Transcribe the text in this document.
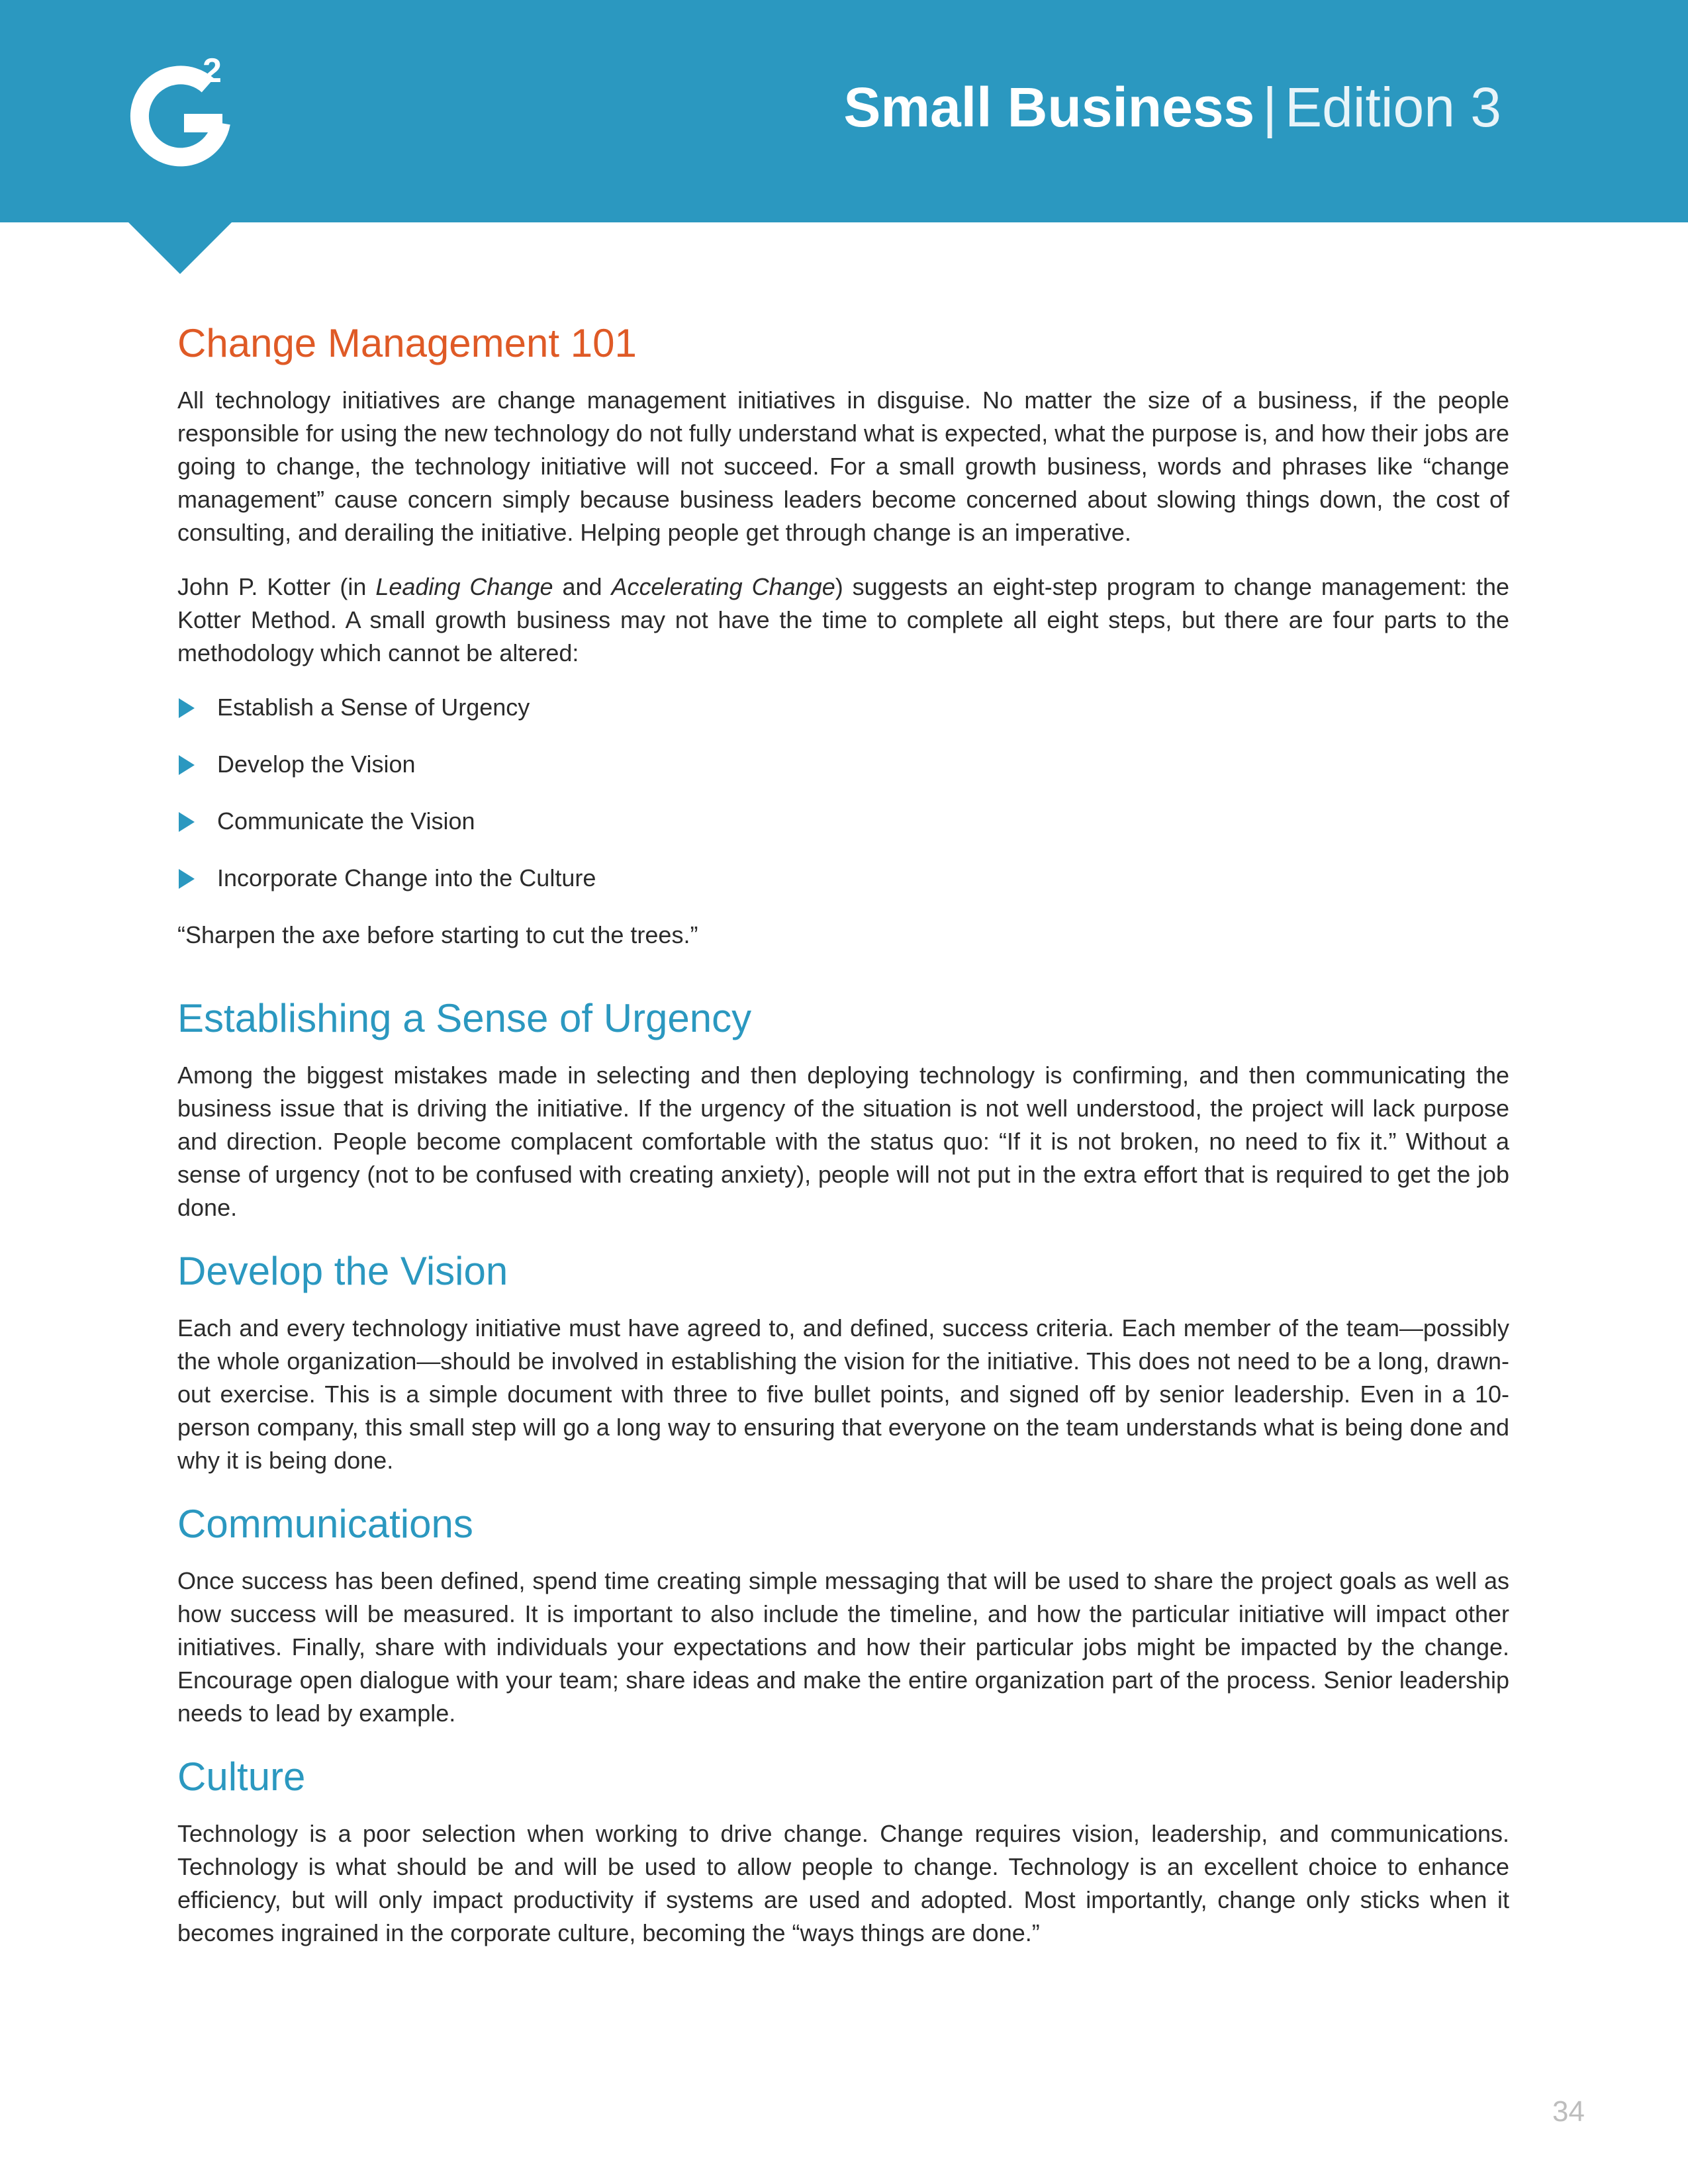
2
Small Business | Edition 3
Change Management 101

All technology initiatives are change management initiatives in disguise. No matter the size of a business, if the people responsible for using the new technology do not fully understand what is expected, what the purpose is, and how their jobs are going to change, the technology initiative will not succeed. For a small growth business, words and phrases like “change management” cause concern simply because business leaders become concerned about slowing things down, the cost of consulting, and derailing the initiative. Helping people get through change is an imperative.

John P. Kotter (in Leading Change and Accelerating Change) suggests an eight-step program to change management: the Kotter Method. A small growth business may not have the time to complete all eight steps, but there are four parts to the methodology which cannot be altered:

Establish a Sense of Urgency
Develop the Vision
Communicate the Vision
Incorporate Change into the Culture

“Sharpen the axe before starting to cut the trees.”

Establishing a Sense of Urgency

Among the biggest mistakes made in selecting and then deploying technology is confirming, and then communicating the business issue that is driving the initiative. If the urgency of the situation is not well understood, the project will lack purpose and direction. People become complacent comfortable with the status quo: “If it is not broken, no need to fix it.” Without a sense of urgency (not to be confused with creating anxiety), people will not put in the extra effort that is required to get the job done.

Develop the Vision

Each and every technology initiative must have agreed to, and defined, success criteria. Each member of the team—possibly the whole organization—should be involved in establishing the vision for the initiative. This does not need to be a long, drawn-out exercise. This is a simple document with three to five bullet points, and signed off by senior leadership. Even in a 10-person company, this small step will go a long way to ensuring that everyone on the team understands what is being done and why it is being done.

Communications

Once success has been defined, spend time creating simple messaging that will be used to share the project goals as well as how success will be measured. It is important to also include the timeline, and how the particular initiative will impact other initiatives. Finally, share with individuals your expectations and how their particular jobs might be impacted by the change. Encourage open dialogue with your team; share ideas and make the entire organization part of the process. Senior leadership needs to lead by example.

Culture

Technology is a poor selection when working to drive change. Change requires vision, leadership, and communications. Technology is what should be and will be used to allow people to change. Technology is an excellent choice to enhance efficiency, but will only impact productivity if systems are used and adopted. Most importantly, change only sticks when it becomes ingrained in the corporate culture, becoming the “ways things are done.”

34
